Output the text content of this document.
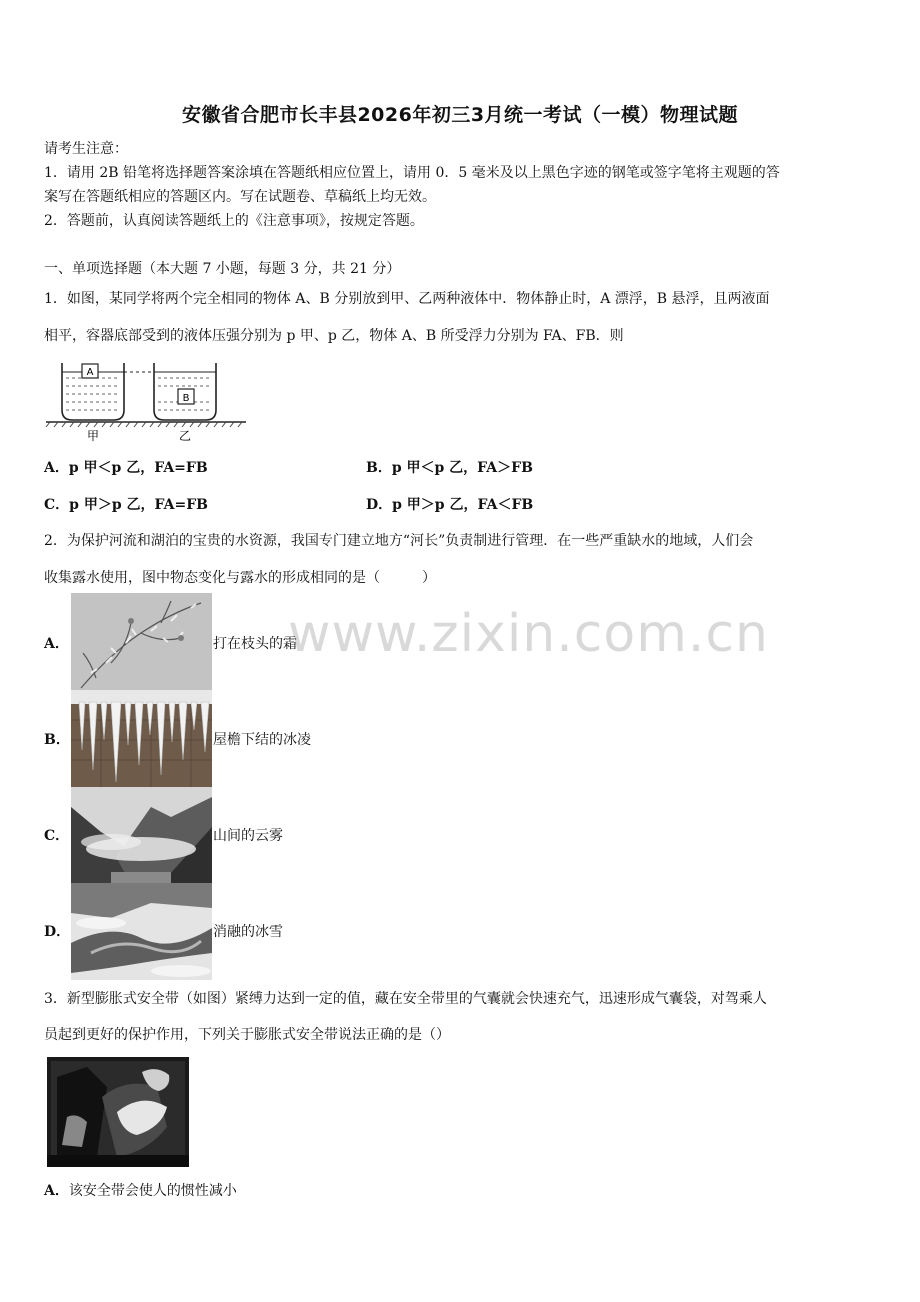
安徽省合肥市长丰县2026年初三3月统一考试（一模）物理试题
请考生注意：
1．请用 2B 铅笔将选择题答案涂填在答题纸相应位置上，请用 0．5 毫米及以上黑色字迹的钢笔或签字笔将主观题的答
案写在答题纸相应的答题区内。写在试题卷、草稿纸上均无效。
2．答题前，认真阅读答题纸上的《注意事项》，按规定答题。
一、单项选择题（本大题 7 小题，每题 3 分，共 21 分）
1．如图，某同学将两个完全相同的物体 A、B 分别放到甲、乙两种液体中．物体静止时，A 漂浮，B 悬浮，且两液面
相平，容器底部受到的液体压强分别为 p 甲、p 乙，物体 A、B 所受浮力分别为 FA、FB．则
A
B
甲	乙
A．p 甲＜p 乙，FA=FB	B．p 甲＜p 乙，FA＞FB
C．p 甲＞p 乙，FA=FB	D．p 甲＞p 乙，FA＜FB
2．为保护河流和湖泊的宝贵的水资源，我国专门建立地方“河长”负责制进行管理．在一些严重缺水的地域，人们会
收集露水使用，图中物态变化与露水的形成相同的是（　　　）
A．	打在枝头的霜
B．	屋檐下结的冰凌
C．	山间的云雾
D．	消融的冰雪
www.zixin.com.cn
3．新型膨胀式安全带（如图）紧缚力达到一定的值，藏在安全带里的气囊就会快速充气，迅速形成气囊袋，对驾乘人
员起到更好的保护作用，下列关于膨胀式安全带说法正确的是（）
A．该安全带会使人的惯性减小
